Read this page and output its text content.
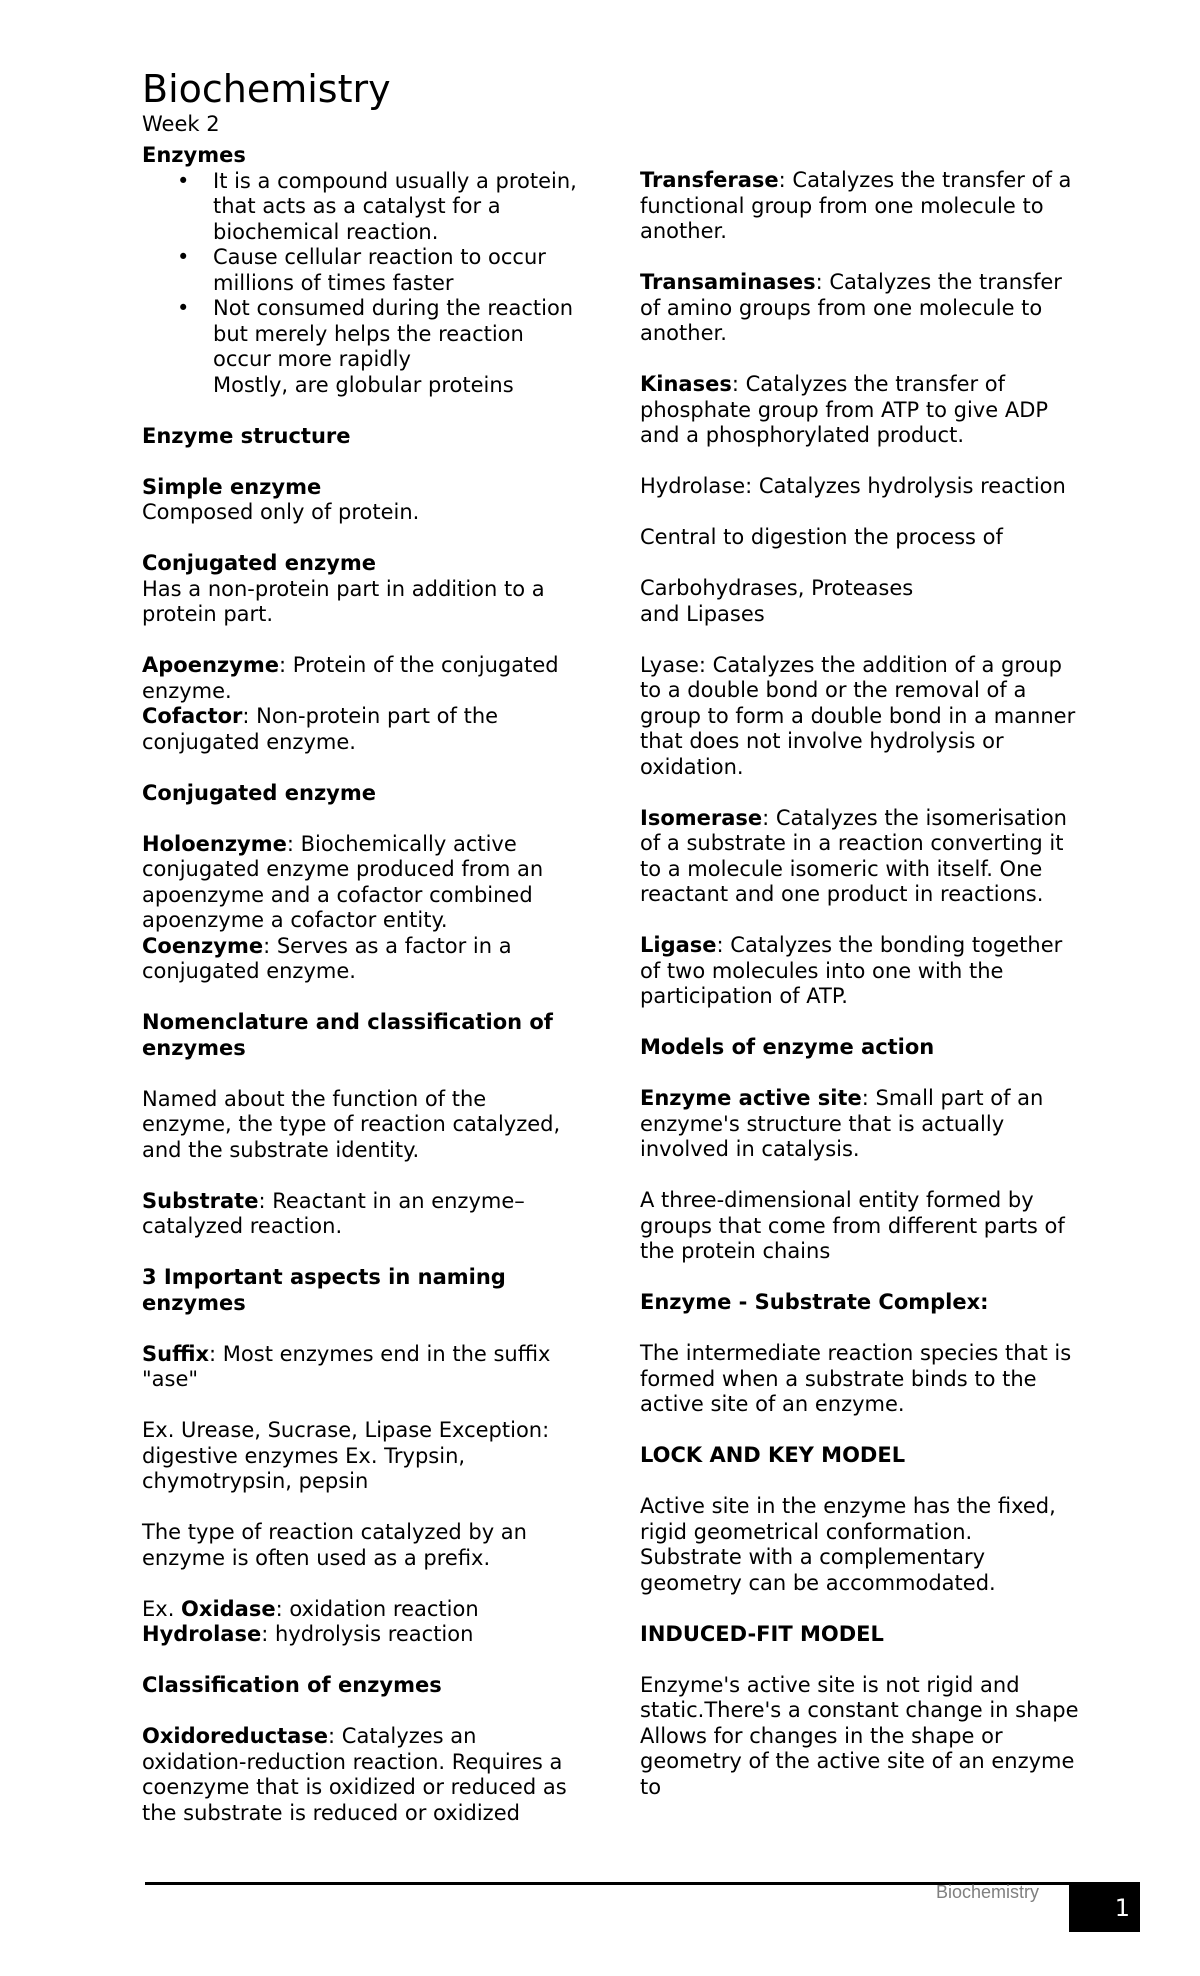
Biochemistry
Week 2

Enzymes

• It is a compound usually a protein, that acts as a catalyst for a biochemical reaction.
• Cause cellular reaction to occur millions of times faster
• Not consumed during the reaction but merely helps the reaction occur more rapidly

Mostly, are globular proteins

Enzyme structure

Simple enzyme

Composed only of protein.

Conjugated enzyme

Has a non-protein part in addition to a protein part.

Apoenzyme: Protein of the conjugated enzyme.

Cofactor: Non-protein part of the conjugated enzyme.

Conjugated enzyme

Holoenzyme: Biochemically active conjugated enzyme produced from an apoenzyme and a cofactor combined apoenzyme a cofactor entity.

Coenzyme: Serves as a factor in a conjugated enzyme.

Nomenclature and classification of enzymes

Named about the function of the enzyme, the type of reaction catalyzed, and the substrate identity.

Substrate: Reactant in an enzyme–catalyzed reaction.

3 Important aspects in naming enzymes

Suffix: Most enzymes end in the suffix "ase"

Ex. Urease, Sucrase, Lipase Exception: digestive enzymes Ex. Trypsin, chymotrypsin, pepsin

The type of reaction catalyzed by an enzyme is often used as a prefix.

Ex. Oxidase: oxidation reaction

Hydrolase: hydrolysis reaction

Classification of enzymes

Oxidoreductase: Catalyzes an oxidation-reduction reaction. Requires a coenzyme that is oxidized or reduced as the substrate is reduced or oxidized

Transferase: Catalyzes the transfer of a functional group from one molecule to another.

Transaminases: Catalyzes the transfer of amino groups from one molecule to another.

Kinases: Catalyzes the transfer of phosphate group from ATP to give ADP and a phosphorylated product.

Hydrolase: Catalyzes hydrolysis reaction

Central to digestion the process of

Carbohydrases, Proteases

and Lipases

Lyase: Catalyzes the addition of a group to a double bond or the removal of a group to form a double bond in a manner that does not involve hydrolysis or oxidation.

Isomerase: Catalyzes the isomerisation of a substrate in a reaction converting it to a molecule isomeric with itself. One reactant and one product in reactions.

Ligase: Catalyzes the bonding together of two molecules into one with the participation of ATP.

Models of enzyme action

Enzyme active site: Small part of an enzyme's structure that is actually involved in catalysis.

A three-dimensional entity formed by groups that come from different parts of the protein chains

Enzyme - Substrate Complex:

The intermediate reaction species that is formed when a substrate binds to the active site of an enzyme.

LOCK AND KEY MODEL

Active site in the enzyme has the fixed, rigid geometrical conformation. Substrate with a complementary geometry can be accommodated.

INDUCED-FIT MODEL

Enzyme's active site is not rigid and static.There's a constant change in shape Allows for changes in the shape or geometry of the active site of an enzyme to

Biochemistry
1
